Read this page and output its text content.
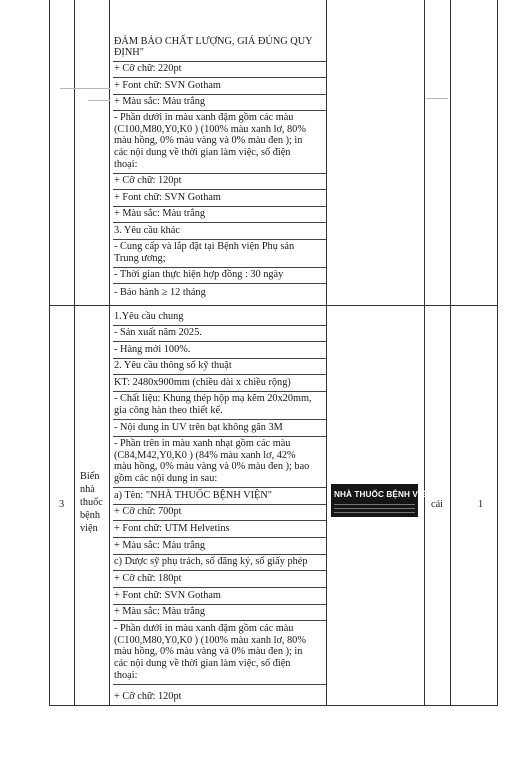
ĐẢM BẢO CHẤT LƯỢNG, GIÁ ĐÚNG QUY
ĐỊNH"
+ Cỡ chữ: 220pt
+ Font chữ: SVN Gotham
+ Màu sắc: Màu trắng
- Phần dưới in màu xanh đậm gồm các màu
(C100,M80,Y0,K0 ) (100% màu xanh lơ, 80%
màu hồng, 0% màu vàng và 0% màu đen ); in
các nội dung về thời gian làm việc, số điện
thoại:
+ Cỡ chữ: 120pt
+ Font chữ: SVN Gotham
+ Màu sắc: Màu trắng
3. Yêu cầu khác
- Cung cấp và lắp đặt tại Bệnh viện Phụ sản
Trung ương;
- Thời gian thực hiện hợp đồng : 30 ngày
- Bảo hành ≥ 12 tháng
3
Biển
nhà
thuốc
bệnh
viện
1.Yêu cầu chung
- Sản xuất năm 2025.
- Hàng mới 100%.
2. Yêu cầu thông số kỹ thuật
KT: 2480x900mm (chiều dài x chiều rộng)
- Chất liệu: Khung thép hộp mạ kẽm 20x20mm,
gia công hàn theo thiết kế.
- Nội dung in UV trên bạt không gân 3M
- Phần trên in màu xanh nhạt gồm các màu
(C84,M42,Y0,K0 ) (84% màu xanh lơ, 42%
màu hồng, 0% màu vàng và 0% màu đen ); bao
gồm các nội dung in sau:
a) Tên: "NHÀ THUỐC BỆNH VIỆN"
+ Cỡ chữ: 700pt
+ Font chữ: UTM Helvetins
+ Màu sắc: Màu trắng
c) Dược sỹ phụ trách, số đăng ký, số giấy phép
+ Cỡ chữ: 180pt
+ Font chữ: SVN Gotham
+ Màu sắc: Màu trắng
- Phần dưới in màu xanh đậm gồm các màu
(C100,M80,Y0,K0 ) (100% màu xanh lơ, 80%
màu hồng, 0% màu vàng và 0% màu đen ); in
các nội dung về thời gian làm việc, số điện
thoại:
+ Cỡ chữ: 120pt
NHÀ THUỐC BỆNH VIỆN
cái	1
